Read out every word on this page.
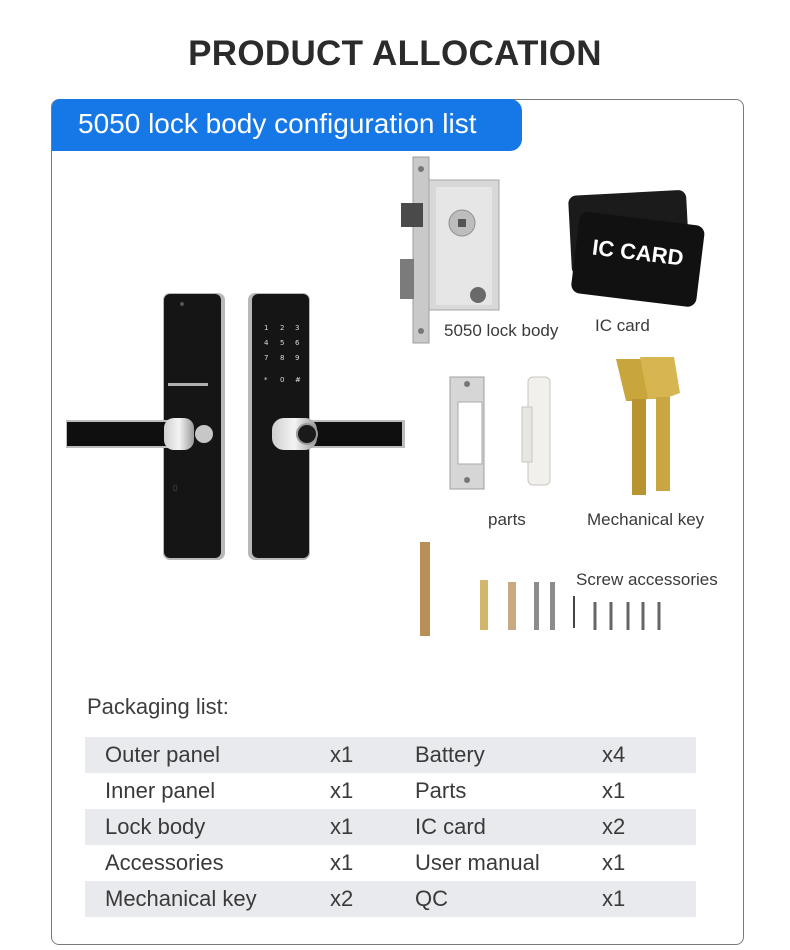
PRODUCT ALLOCATION
5050 lock body configuration list
▯
1 2 3
4 5 6
7 8 9
* 0 #
5050 lock body
IC CARD
IC card
parts	Mechanical key
Screw accessories
Packaging list:
Outer panel	x1	Battery	x4
Inner panel	x1	Parts	x1
Lock body	x1	IC card	x2
Accessories	x1	User manual	x1
Mechanical key	x2	QC	x1
